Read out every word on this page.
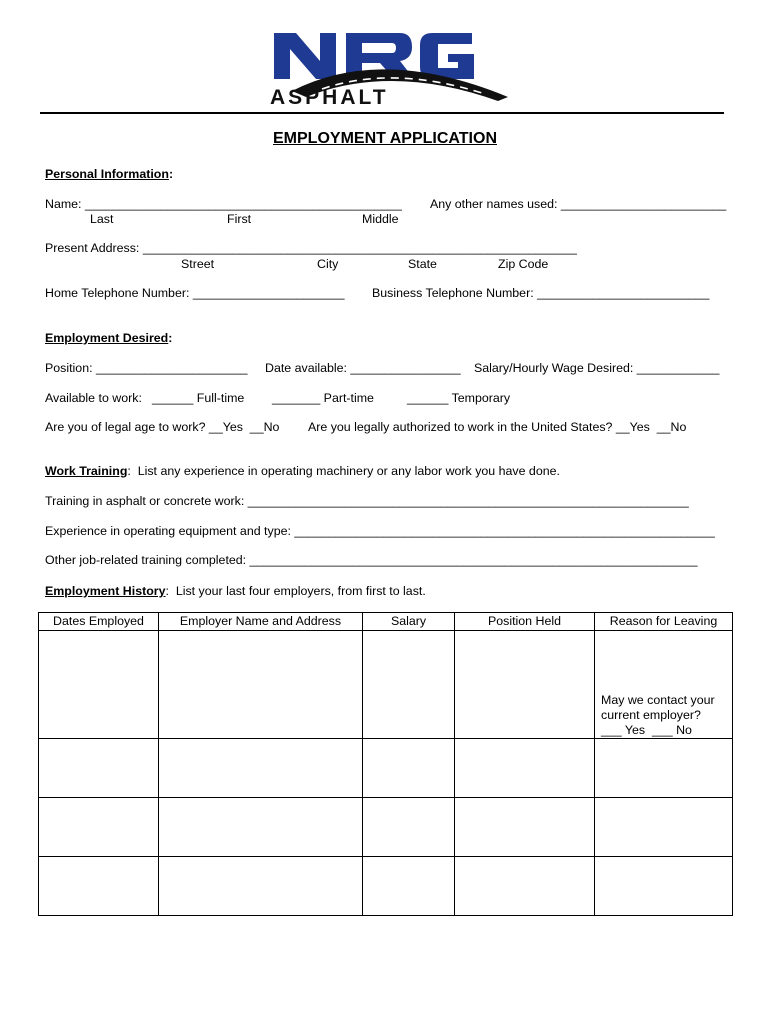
ASPHALT
EMPLOYMENT APPLICATION
Personal Information:
Name: ______________________________________________ Any other names used: ________________________
Last	First	Middle
Present Address: _______________________________________________________________
Street	City	State	Zip Code
Home Telephone Number: ______________________ Business Telephone Number: _________________________
Employment Desired:
Position: ______________________ Date available: ________________ Salary/Hourly Wage Desired: ____________
Available to work: ______ Full-time _______ Part-time	______ Temporary
Are you of legal age to work? __Yes  __No Are you legally authorized to work in the United States? __Yes  __No
Work Training:  List any experience in operating machinery or any labor work you have done.
Training in asphalt or concrete work: ________________________________________________________________
Experience in operating equipment and type: _____________________________________________________________
Other job-related training completed: _________________________________________________________________
Employment History:  List your last four employers, from first to last.
Dates Employed	Employer Name and Address	Salary	Position Held	Reason for Leaving

				May we contact your
current employer?
___ Yes  ___ No
